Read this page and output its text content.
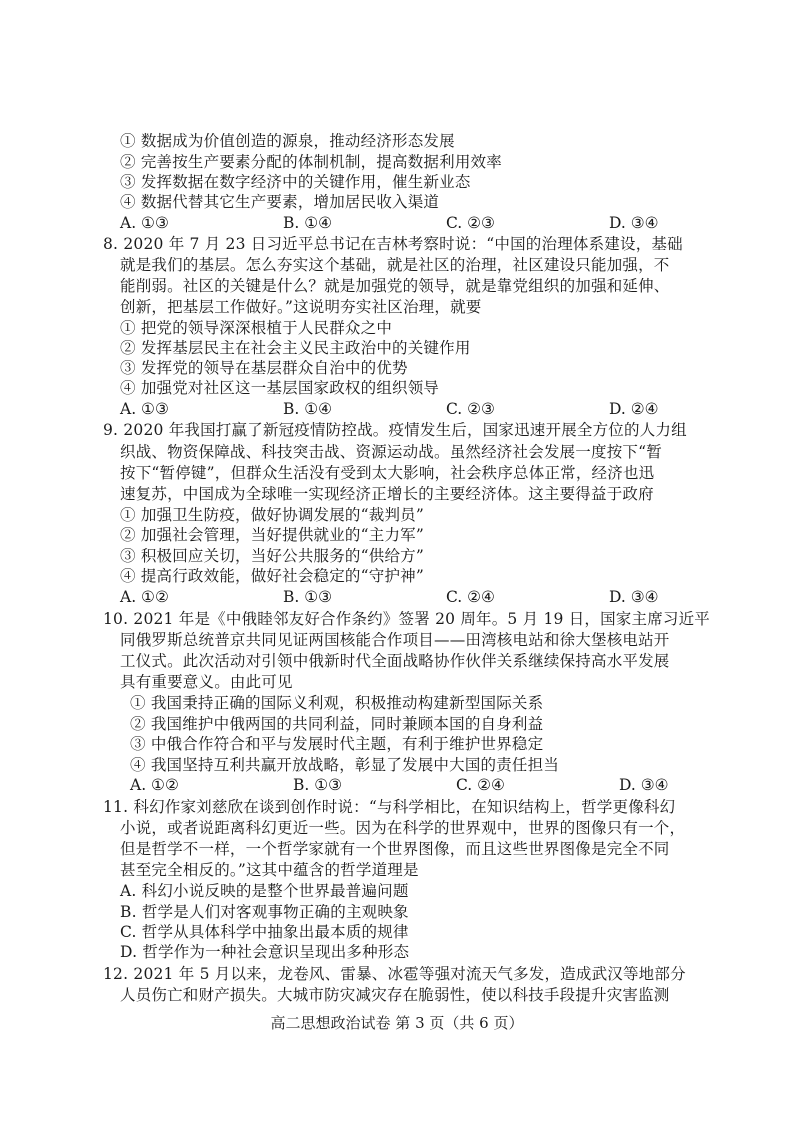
① 数据成为价值创造的源泉，推动经济形态发展
② 完善按生产要素分配的体制机制，提高数据利用效率
③ 发挥数据在数字经济中的关键作用，催生新业态
④ 数据代替其它生产要素，增加居民收入渠道
A. ①③	B. ①④	C. ②③	D. ③④
8. 2020 年 7 月 23 日习近平总书记在吉林考察时说：“中国的治理体系建设，基础
就是我们的基层。怎么夯实这个基础，就是社区的治理，社区建设只能加强，不
能削弱。社区的关键是什么？就是加强党的领导，就是靠党组织的加强和延伸、
创新，把基层工作做好。”这说明夯实社区治理，就要
① 把党的领导深深根植于人民群众之中
② 发挥基层民主在社会主义民主政治中的关键作用
③ 发挥党的领导在基层群众自治中的优势
④ 加强党对社区这一基层国家政权的组织领导
A. ①③	B. ①④	C. ②③	D. ②④
9. 2020 年我国打赢了新冠疫情防控战。疫情发生后，国家迅速开展全方位的人力组
织战、物资保障战、科技突击战、资源运动战。虽然经济社会发展一度按下“暂
按下“暂停键”，但群众生活没有受到太大影响，社会秩序总体正常，经济也迅
速复苏，中国成为全球唯一实现经济正增长的主要经济体。这主要得益于政府
① 加强卫生防疫，做好协调发展的“裁判员”
② 加强社会管理，当好提供就业的“主力军”
③ 积极回应关切，当好公共服务的“供给方”
④ 提高行政效能，做好社会稳定的“守护神”
A. ①②	B. ①③	C. ②④	D. ③④
10. 2021 年是《中俄睦邻友好合作条约》签署 20 周年。5 月 19 日，国家主席习近平
同俄罗斯总统普京共同见证两国核能合作项目——田湾核电站和徐大堡核电站开
工仪式。此次活动对引领中俄新时代全面战略协作伙伴关系继续保持高水平发展
具有重要意义。由此可见
① 我国秉持正确的国际义利观，积极推动构建新型国际关系
② 我国维护中俄两国的共同利益，同时兼顾本国的自身利益
③ 中俄合作符合和平与发展时代主题，有利于维护世界稳定
④ 我国坚持互利共赢开放战略，彰显了发展中大国的责任担当
A. ①②	B. ①③	C. ②④	D. ③④
11. 科幻作家刘慈欣在谈到创作时说：“与科学相比，在知识结构上，哲学更像科幻
小说，或者说距离科幻更近一些。因为在科学的世界观中，世界的图像只有一个，
但是哲学不一样，一个哲学家就有一个世界图像，而且这些世界图像是完全不同
甚至完全相反的。”这其中蕴含的哲学道理是
A. 科幻小说反映的是整个世界最普遍问题
B. 哲学是人们对客观事物正确的主观映象
C. 哲学从具体科学中抽象出最本质的规律
D. 哲学作为一种社会意识呈现出多种形态
12. 2021 年 5 月以来，龙卷风、雷暴、冰雹等强对流天气多发，造成武汉等地部分
人员伤亡和财产损失。大城市防灾减灾存在脆弱性，使以科技手段提升灾害监测
高二思想政治试卷 第 3 页（共 6 页）
